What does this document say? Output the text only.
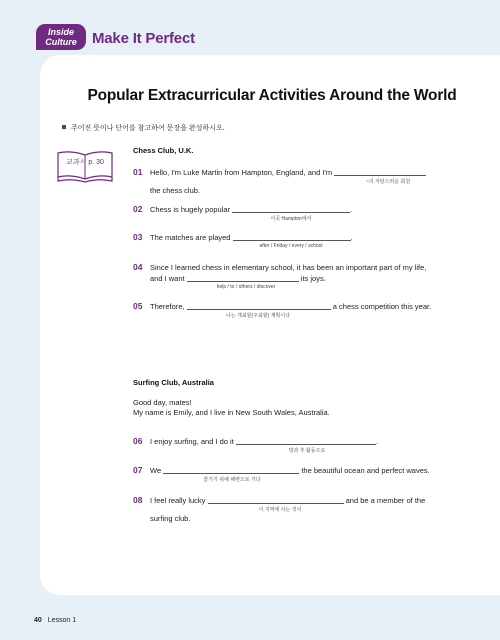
Inside
Culture	Make It Perfect
Popular Extracurricular Activities Around the World
주어진 뜻이나 단어를 참고하여 문장을 완성하시오.
교과서 p. 30
Chess Club, U.K.
01 Hello, I'm Luke Martin from Hampton, England, and I'm
~의 자랑스러운 회원
the chess club.
02 Chess is hugely popular	.
이곳 Hampton에서
03 The matches are played	.
after / Friday / every / school
04 Since I learned chess in elementary school, it has been an important part of my life,
and I want	its joys.
help / to / others / discover
05 Therefore,	a chess competition this year.
나는 개최할(주최할) 계획이다
Surfing Club, Australia
Good day, mates!
My name is Emily, and I live in New South Wales, Australia.
06 I enjoy surfing, and I do it	.
방과 후 활동으로
07 We	the beautiful ocean and perfect waves.
즐기기 위해 해변으로 가다
08 I feel really lucky	and be a member of the
이 지역에 사는 것이
surfing club.
40 Lesson 1
